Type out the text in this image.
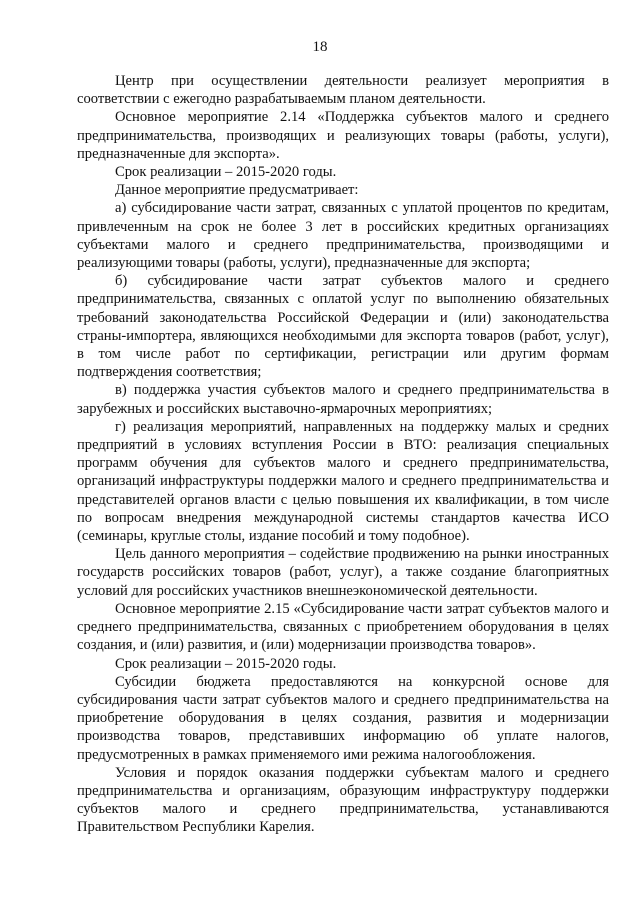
18

Центр при осуществлении деятельности реализует мероприятия в соответствии с ежегодно разрабатываемым планом деятельности.

Основное мероприятие 2.14 «Поддержка субъектов малого и среднего предпринимательства, производящих и реализующих товары (работы, услуги), предназначенные для экспорта».

Срок реализации – 2015-2020 годы.

Данное мероприятие предусматривает:

а) субсидирование части затрат, связанных с уплатой процентов по кредитам, привлеченным на срок не более 3 лет в российских кредитных организациях субъектами малого и среднего предпринимательства, производящими и реализующими товары (работы, услуги), предназначенные для экспорта;

б) субсидирование части затрат субъектов малого и среднего предпринимательства, связанных с оплатой услуг по выполнению обязательных требований законодательства Российской Федерации и (или) законодательства страны-импортера, являющихся необходимыми для экспорта товаров (работ, услуг), в том числе работ по сертификации, регистрации или другим формам подтверждения соответствия;

в) поддержка участия субъектов малого и среднего предпринимательства в зарубежных и российских выставочно-ярмарочных мероприятиях;

г) реализация мероприятий, направленных на поддержку малых и средних предприятий в условиях вступления России в ВТО: реализация специальных программ обучения для субъектов малого и среднего предпринимательства, организаций инфраструктуры поддержки малого и среднего предпринимательства и представителей органов власти с целью повышения их квалификации, в том числе по вопросам внедрения международной системы стандартов качества ИСО (семинары, круглые столы, издание пособий и тому подобное).

Цель данного мероприятия – содействие продвижению на рынки иностранных государств российских товаров (работ, услуг), а также создание благоприятных условий для российских участников внешнеэкономической деятельности.

Основное мероприятие 2.15 «Субсидирование части затрат субъектов малого и среднего предпринимательства, связанных с приобретением оборудования в целях создания, и (или) развития, и (или) модернизации производства товаров».

Срок реализации – 2015-2020 годы.

Субсидии бюджета предоставляются на конкурсной основе для субсидирования части затрат субъектов малого и среднего предпринимательства на приобретение оборудования в целях создания, развития и модернизации производства товаров, представивших информацию об уплате налогов, предусмотренных в рамках применяемого ими режима налогообложения.

Условия и порядок оказания поддержки субъектам малого и среднего предпринимательства и организациям, образующим инфраструктуру поддержки субъектов малого и среднего предпринимательства, устанавливаются Правительством Республики Карелия.
